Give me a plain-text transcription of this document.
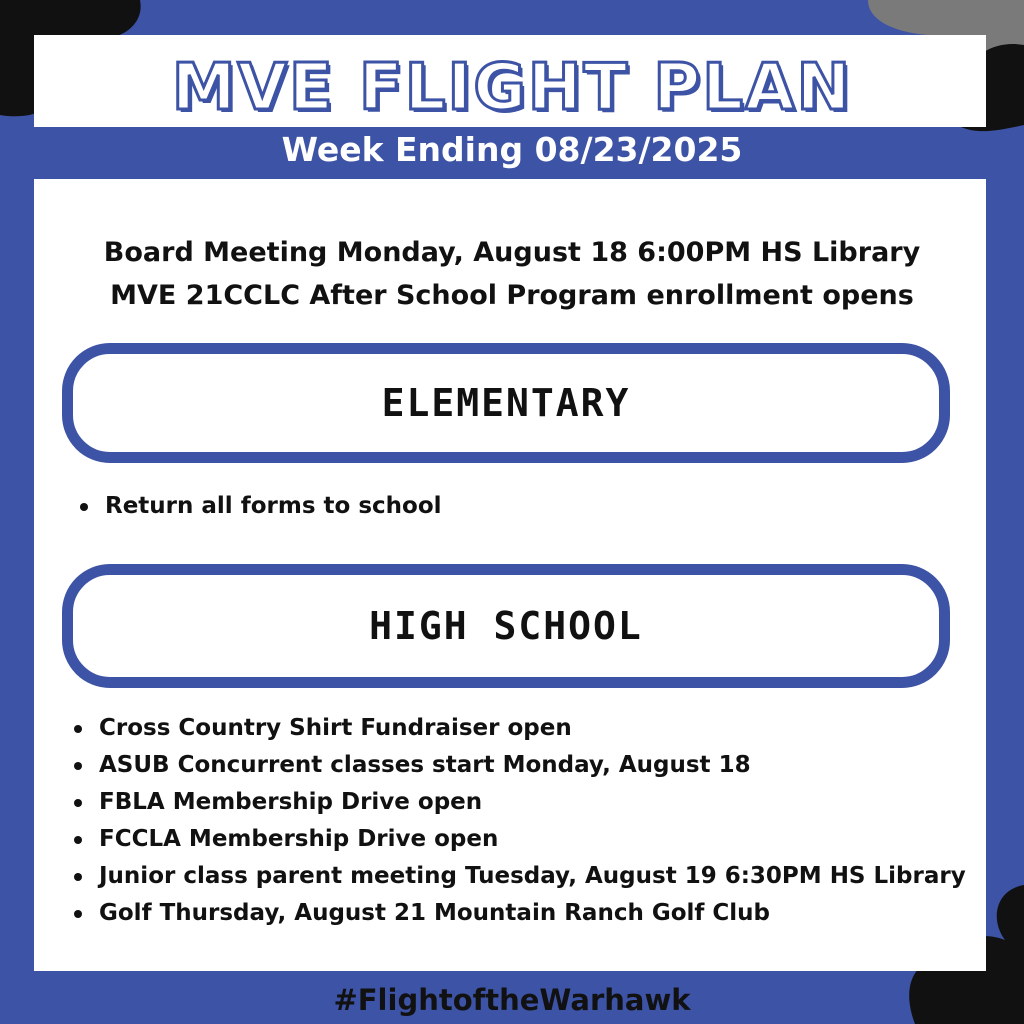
MVE FLIGHT PLAN
Week Ending 08/23/2025
Board Meeting Monday, August 18 6:00PM HS Library
MVE 21CCLC After School Program enrollment opens
ELEMENTARY
Return all forms to school
HIGH SCHOOL
Cross Country Shirt Fundraiser open
ASUB Concurrent classes start Monday, August 18
FBLA Membership Drive open
FCCLA Membership Drive open
Junior class parent meeting Tuesday, August 19 6:30PM HS Library
Golf Thursday, August 21 Mountain Ranch Golf Club
#FlightoftheWarhawk
